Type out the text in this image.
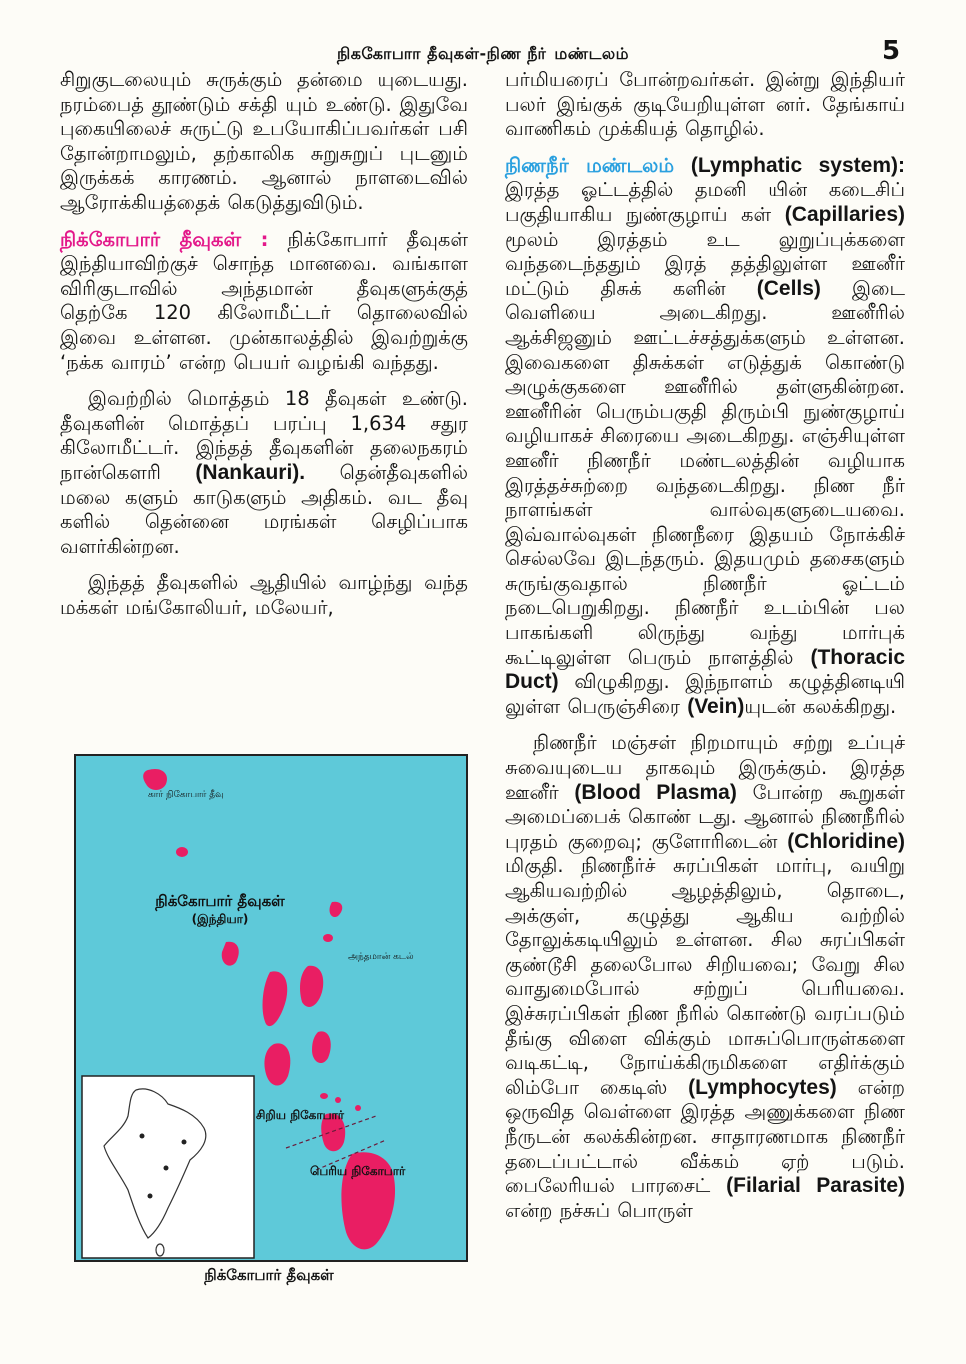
நிககோபாா தீவுகள்-நிண நீா் மண்டலம்	5

சிறுகுடலையும் சுருக்கும் தன்மை யுடையது. நரம்பைத் தூண்டும் சக்தி யும் உண்டு. இதுவே புகையிலைச் சுருட்டு உபயோகிப்பவர்கள் பசி தோன்றாமலும், தற்காலிக சுறுசுறுப் புடனும் இருக்கக் காரணம். ஆனால் நாளடைவில் ஆரோக்கியத்தைக் கெடுத்துவிடும்.

நிக்கோபார் தீவுகள் : நிக்கோபார் தீவுகள் இந்தியாவிற்குச் சொந்த மானவை. வங்காள விரிகுடாவில் அந்தமான் தீவுகளுக்குத் தெற்கே 120 கிலோமீட்டர் தொலைவில் இவை உள்ளன. முன்காலத்தில் இவற்றுக்கு ‘நக்க வாரம்’ என்ற பெயர் வழங்கி வந்தது.

இவற்றில் மொத்தம் 18 தீவுகள் உண்டு. தீவுகளின் மொத்தப் பரப்பு 1,634 சதுர கிலோமீட்டர். இந்தத் தீவுகளின் தலைநகரம் நான்கௌரி (Nankauri). தென்தீவுகளில் மலை களும் காடுகளும் அதிகம். வட தீவு களில் தென்னை மரங்கள் செழிப்பாக வளர்கின்றன.

இந்தத் தீவுகளில் ஆதியில் வாழ்ந்து வந்த மக்கள் மங்கோலியர், மலேயர்,

பர்மியரைப் போன்றவர்கள். இன்று இந்தியர் பலர் இங்குக் குடியேறியுள்ள னர். தேங்காய் வாணிகம் முக்கியத் தொழில்.

நிணநீர் மண்டலம் (Lymphatic system): இரத்த ஓட்டத்தில் தமனி யின் கடைசிப் பகுதியாகிய நுண்குழாய் கள் (Capillaries) மூலம் இரத்தம் உட லுறுப்புக்களை வந்தடைந்ததும் இரத் தத்திலுள்ள ஊனீர் மட்டும் திசுக் களின் (Cells) இடை வெளியை அடைகிறது. ஊனீரில் ஆக்சிஜனும் ஊட்டச்சத்துக்களும் உள்ளன. இவைகளை திசுக்கள் எடுத்துக் கொண்டு அழுக்குகளை ஊனீரில் தள்ளுகின்றன. ஊனீரின் பெரும்பகுதி திரும்பி நுண்குழாய் வழியாகச் சிரையை அடைகிறது. எஞ்சியுள்ள ஊனீர் நிணநீர் மண்டலத்தின் வழியாக இரத்தச்சுற்றை வந்தடைகிறது. நிண நீர் நாளங்கள் வால்வுகளுடையவை. இவ்வால்வுகள் நிணநீரை இதயம் நோக்கிச் செல்லவே இடந்தரும். இதயமும் தசைகளும் சுருங்குவதால் நிணநீர் ஓட்டம் நடைபெறுகிறது. நிணநீர் உடம்பின் பல பாகங்களி லிருந்து வந்து மார்புக் கூட்டிலுள்ள பெரும் நாளத்தில் (Thoracic Duct) விழுகிறது. இந்நாளம் கழுத்தினடியி லுள்ள பெருஞ்சிரை (Vein)யுடன் கலக்கிறது.

நிணநீர் மஞ்சள் நிறமாயும் சற்று உப்புச் சுவையுடைய தாகவும் இருக்கும். இரத்த ஊனீர் (Blood Plasma) போன்ற கூறுகள் அமைப்பைக் கொண் டது. ஆனால் நிணநீரில் புரதம் குறைவு; குளோரிடைன் (Chloridine) மிகுதி. நிணநீர்ச் சுரப்பிகள் மார்பு, வயிறு ஆகியவற்றில் ஆழத்திலும், தொடை, அக்குள், கழுத்து ஆகிய வற்றில் தோலுக்கடியிலும் உள்ளன. சில சுரப்பிகள் குண்டூசி தலைபோல சிறியவை; வேறு சில வாதுமைபோல் சற்றுப் பெரியவை. இச்சுரப்பிகள் நிண நீரில் கொண்டு வரப்படும் தீங்கு விளை விக்கும் மாசுப்பொருள்களை வடிகட்டி, நோய்க்கிருமிகளை எதிர்க்கும் லிம்போ கைடிஸ் (Lymphocytes) என்ற ஒருவித வெள்ளை இரத்த அணுக்களை நிண நீருடன் கலக்கின்றன. சாதாரணமாக நிணநீர் தடைப்பட்டால் வீக்கம் ஏற் படும். பைலேரியல் பாரசைட் (Filarial Parasite) என்ற நச்சுப் பொருள்

நிக்கோபார் தீவுகள்
(இந்தியா)
கார் நிகோபார் தீவு
அந்தமான் கடல்
சிறிய நிகோபார்
பெரிய நிகோபார்
நிக்கோபார் தீவுகள்
